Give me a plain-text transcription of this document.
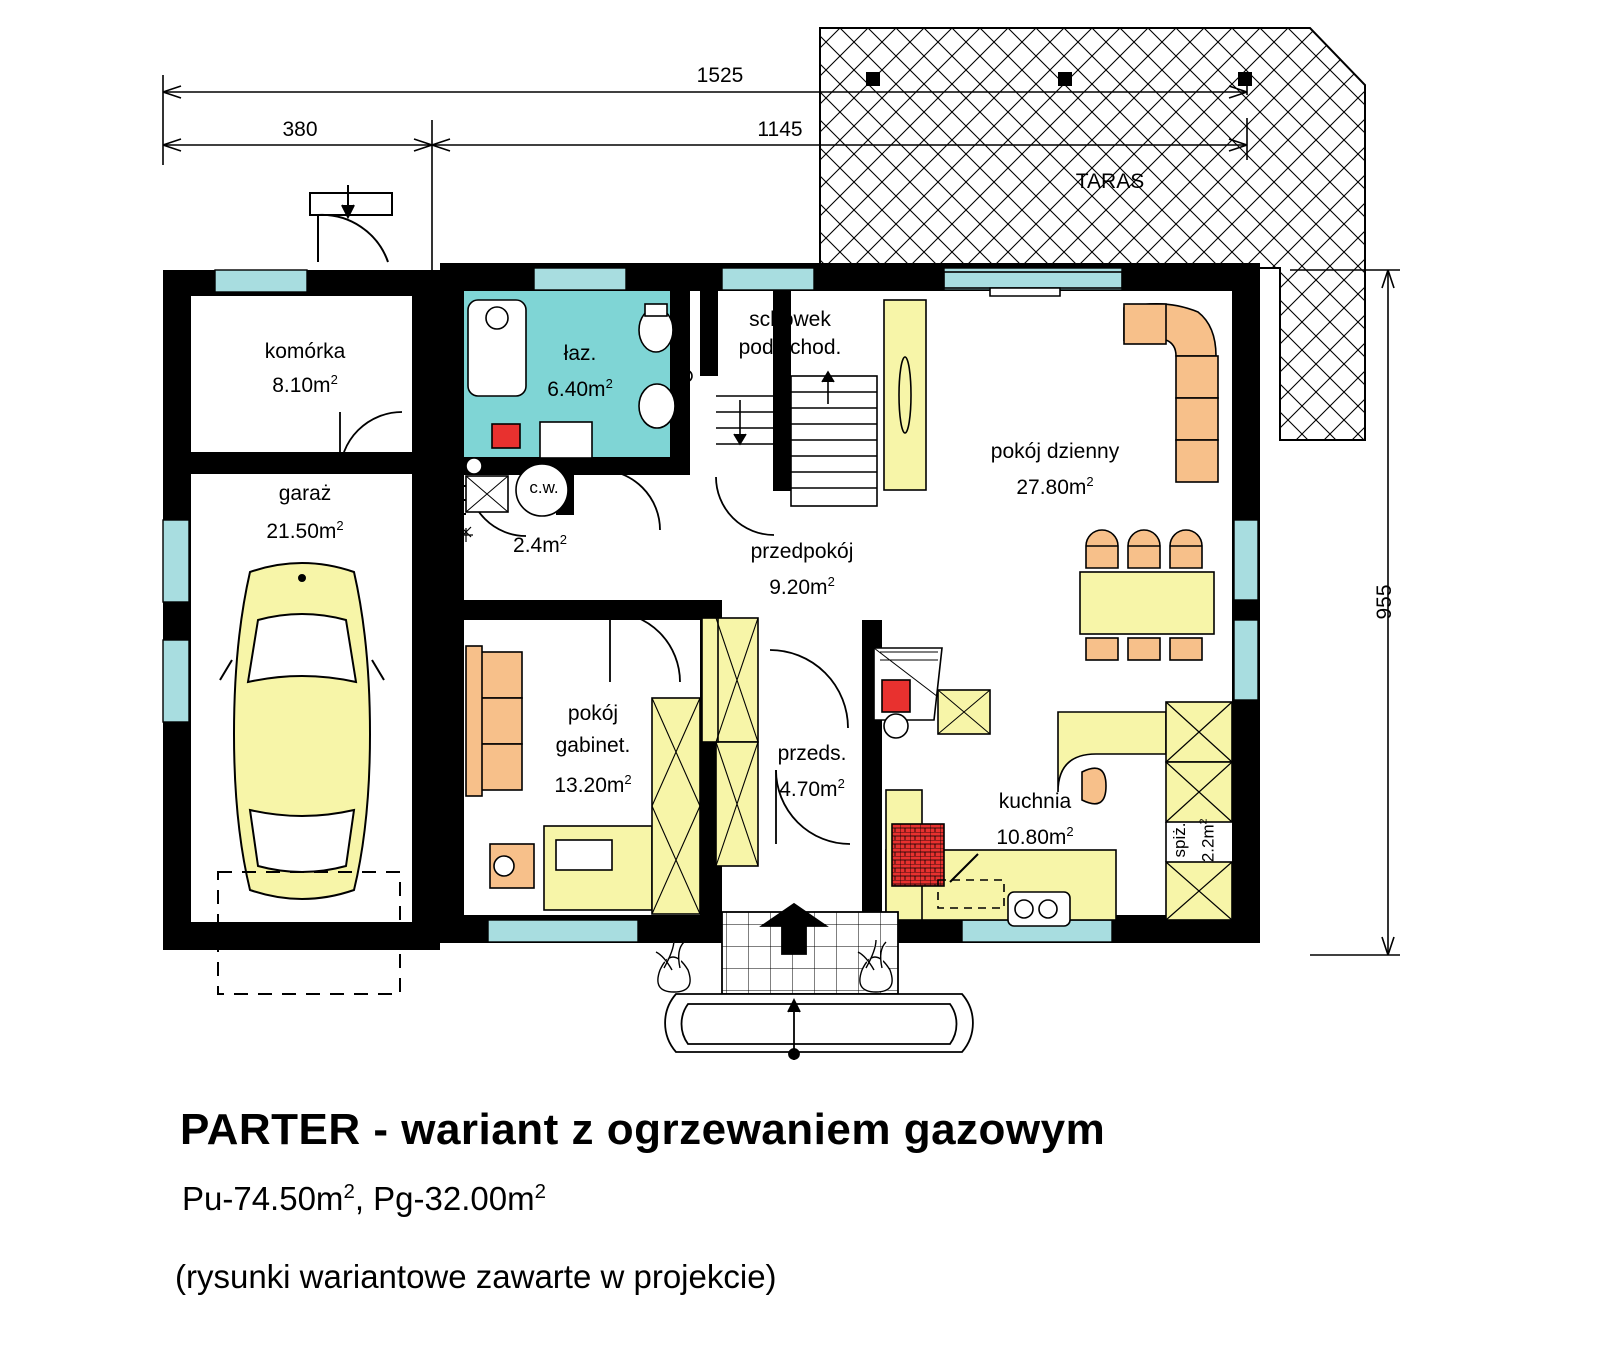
1525
380	1145
955
TARAS
komórka
$8.10m^2$
garaż
$21.50m^2$
łaz.
$6.40m^2$
schowek
pod schod.
c.w.
$2.4m^2$
przedpokój
$9.20m^2$
pokój dzienny
$27.80m^2$
pokój
gabinet.
$13.20m^2$
przeds.
$4.70m^2$
kuchnia
$10.80m^2$	spiż. $2.2m^2$
PARTER - wariant z ogrzewaniem gazowym
$Pu-74.50m^2$, $Pg-32.00m^2$
(rysunki wariantowe zawarte w projekcie)
